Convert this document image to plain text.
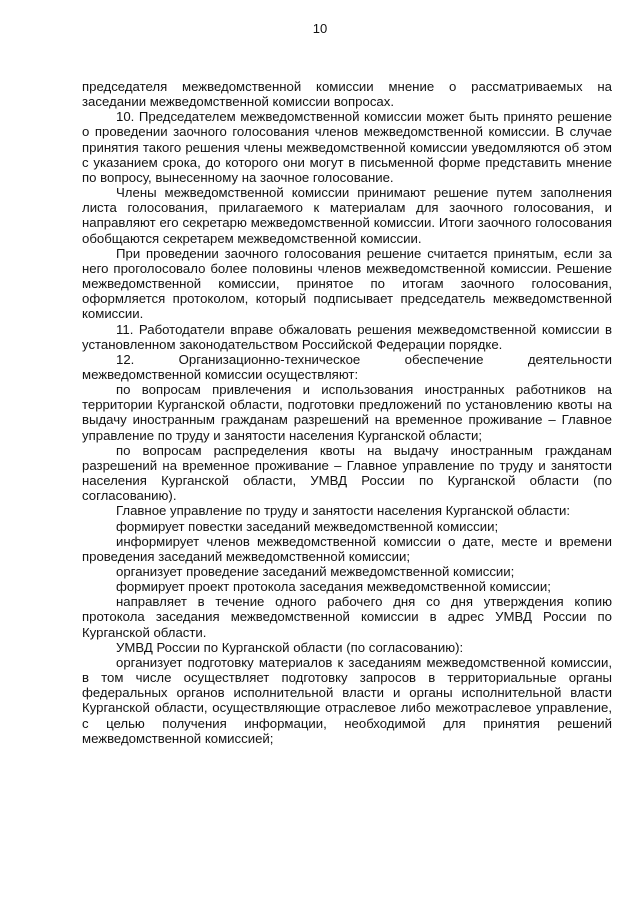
10

председателя межведомственной комиссии мнение о рассматриваемых на заседании межведомственной комиссии вопросах.

10. Председателем межведомственной комиссии может быть принято решение о проведении заочного голосования членов межведомственной комиссии. В случае принятия такого решения члены межведомственной комиссии уведомляются об этом с указанием срока, до которого они могут в письменной форме представить мнение по вопросу, вынесенному на заочное голосование.

Члены межведомственной комиссии принимают решение путем заполнения листа голосования, прилагаемого к материалам для заочного голосования, и направляют его секретарю межведомственной комиссии. Итоги заочного голосования обобщаются секретарем межведомственной комиссии.

При проведении заочного голосования решение считается принятым, если за него проголосовало более половины членов межведомственной комиссии. Решение межведомственной комиссии, принятое по итогам заочного голосования, оформляется протоколом, который подписывает председатель межведомственной комиссии.

11. Работодатели вправе обжаловать решения межведомственной комиссии в установленном законодательством Российской Федерации порядке.

12. Организационно-техническое обеспечение деятельности межведомственной комиссии осуществляют:

по вопросам привлечения и использования иностранных работников на территории Курганской области, подготовки предложений по установлению квоты на выдачу иностранным гражданам разрешений на временное проживание – Главное управление по труду и занятости населения Курганской области;

по вопросам распределения квоты на выдачу иностранным гражданам разрешений на временное проживание – Главное управление по труду и занятости населения Курганской области, УМВД России по Курганской области (по согласованию).

Главное управление по труду и занятости населения Курганской области:

формирует повестки заседаний межведомственной комиссии;

информирует членов межведомственной комиссии о дате, месте и времени проведения заседаний межведомственной комиссии;

организует проведение заседаний межведомственной комиссии;

формирует проект протокола заседания межведомственной комиссии;

направляет в течение одного рабочего дня со дня утверждения копию протокола заседания межведомственной комиссии в адрес УМВД России по Курганской области.

УМВД России по Курганской области (по согласованию):

организует подготовку материалов к заседаниям межведомственной комиссии, в том числе осуществляет подготовку запросов в территориальные органы федеральных органов исполнительной власти и органы исполнительной власти Курганской области, осуществляющие отраслевое либо межотраслевое управление, с целью получения информации, необходимой для принятия решений межведомственной комиссией;
